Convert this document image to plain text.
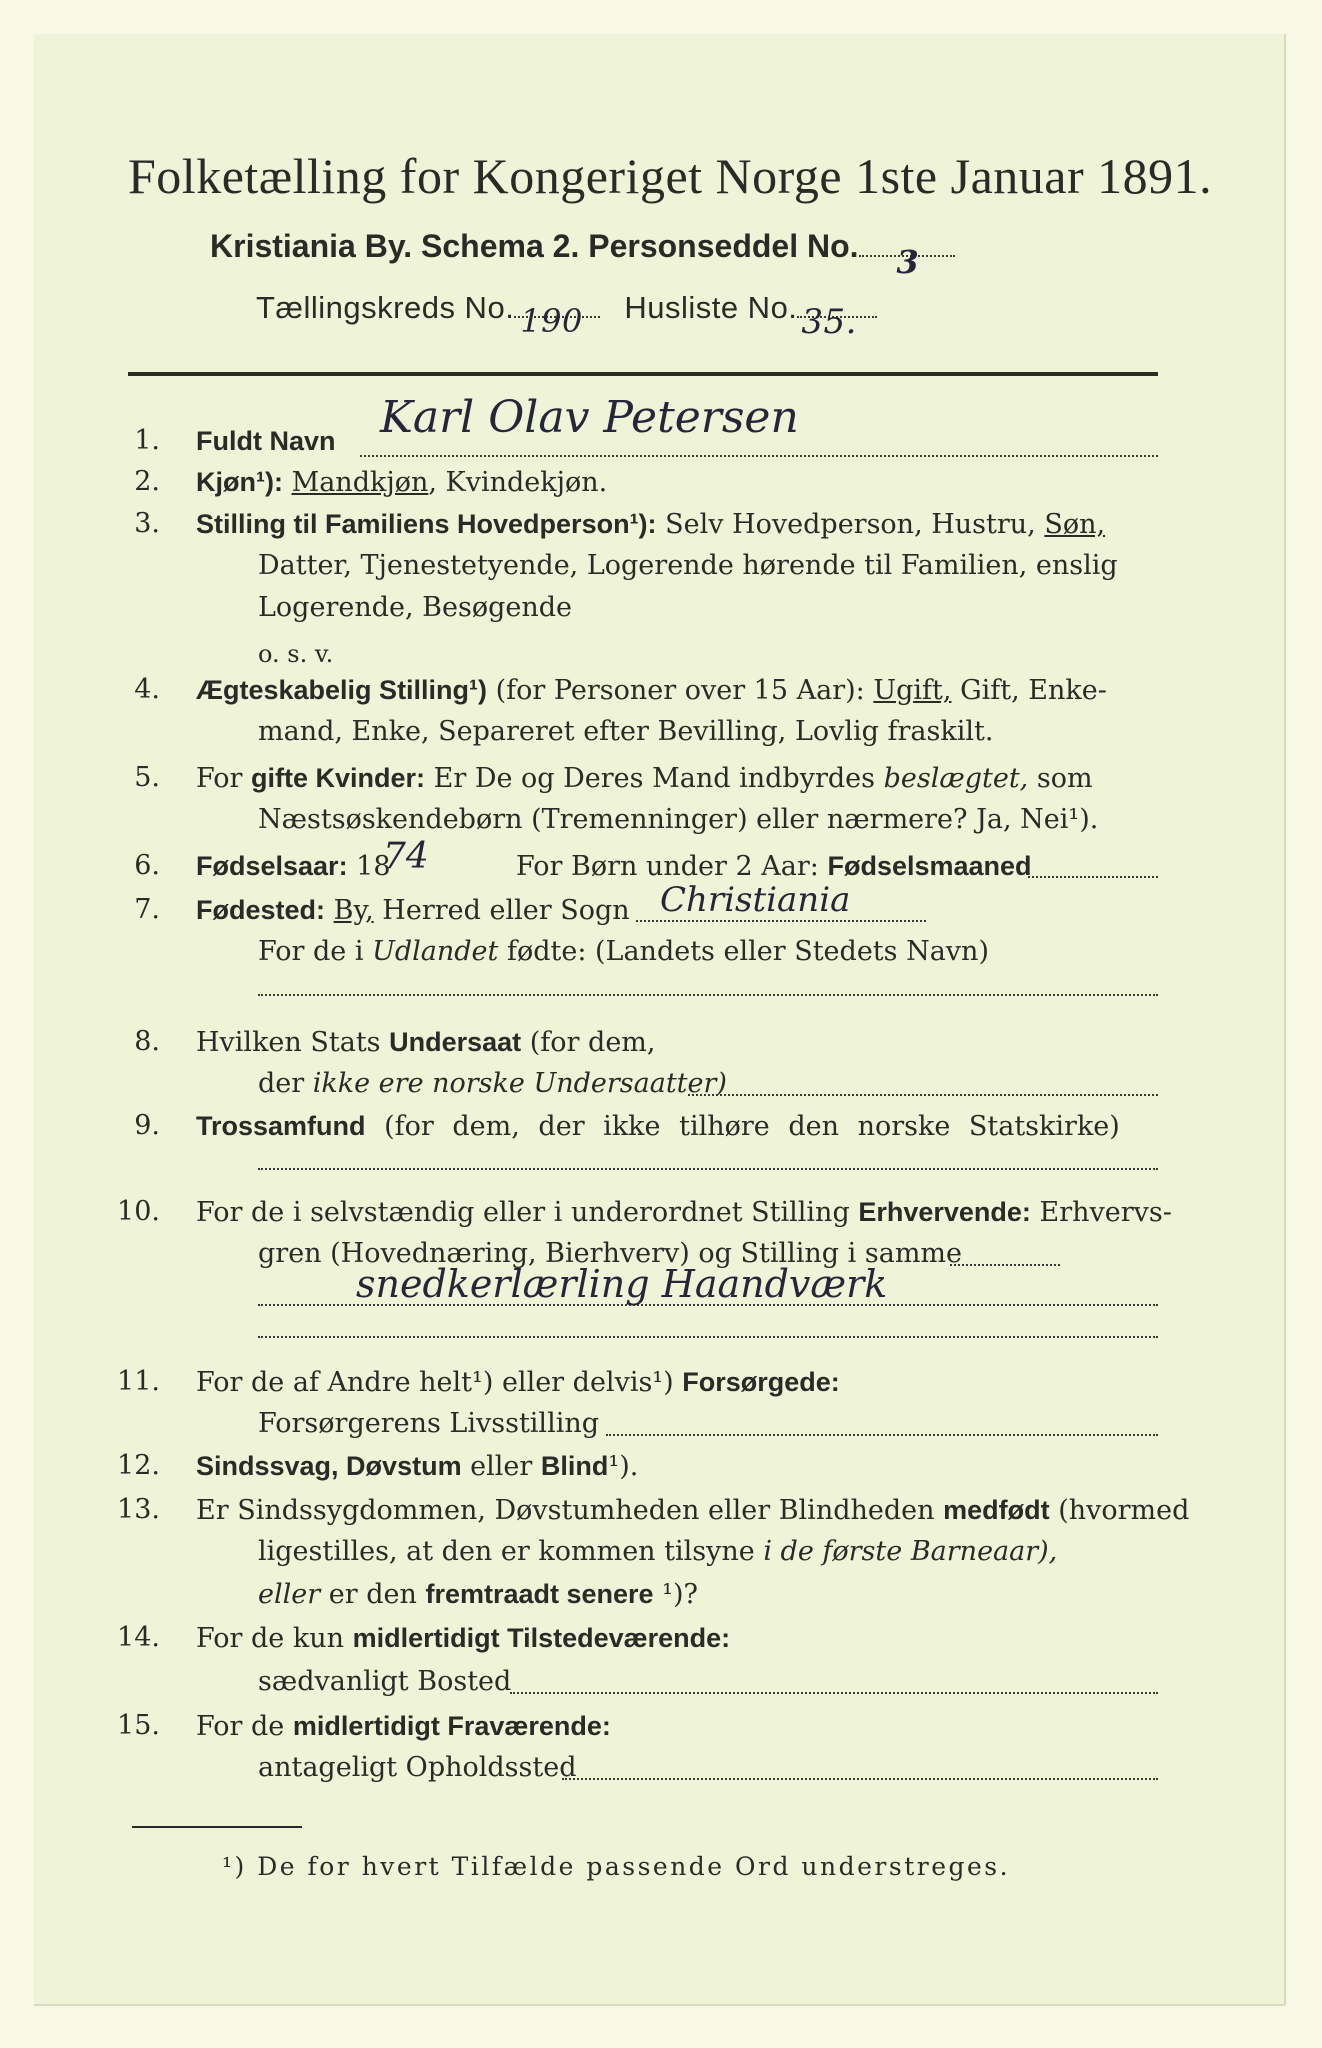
Folketælling for Kongeriget Norge 1ste Januar 1891.
Kristiania By. Schema 2. Personseddel No. 3
Tællingskreds No. 190 Husliste No. 35.
1. Fuldt Navn Karl Olav Petersen
2. Kjøn¹): Mandkjøn, Kvindekjøn.
3. Stilling til Familiens Hovedperson¹): Selv Hovedperson, Hustru, Søn,
Datter, Tjenestetyende, Logerende hørende til Familien, enslig
Logerende, Besøgende
o. s. v.
4. Ægteskabelig Stilling¹) (for Personer over 15 Aar): Ugift, Gift, Enke-
mand, Enke, Separeret efter Bevilling, Lovlig fraskilt.
5. For gifte Kvinder: Er De og Deres Mand indbyrdes beslægtet, som
Næstsøskendebørn (Tremenninger) eller nærmere? Ja, Nei¹).
6. Fødselsaar: 18	For Børn under 2 Aar: Fødselsmaaned
74
7. Fødested: By, Herred eller Sogn Christiania
For de i Udlandet fødte: (Landets eller Stedets Navn)
8. Hvilken Stats Undersaat (for dem,
der ikke ere norske Undersaatter)
9. Trossamfund (for dem, der ikke tilhøre den norske Statskirke)
10. For de i selvstændig eller i underordnet Stilling Erhvervende: Erhvervs-
gren (Hovednæring, Bierhverv) og Stilling i samme
snedkerlærling Haandværk
11. For de af Andre helt¹) eller delvis¹) Forsørgede:
Forsørgerens Livsstilling
12. Sindssvag, Døvstum eller Blind¹).
13. Er Sindssygdommen, Døvstumheden eller Blindheden medfødt (hvormed
ligestilles, at den er kommen tilsyne i de første Barneaar),
eller er den fremtraadt senere ¹)?
14. For de kun midlertidigt Tilstedeværende:
sædvanligt Bosted
15. For de midlertidigt Fraværende:
antageligt Opholdssted
¹) De for hvert Tilfælde passende Ord understreges.
